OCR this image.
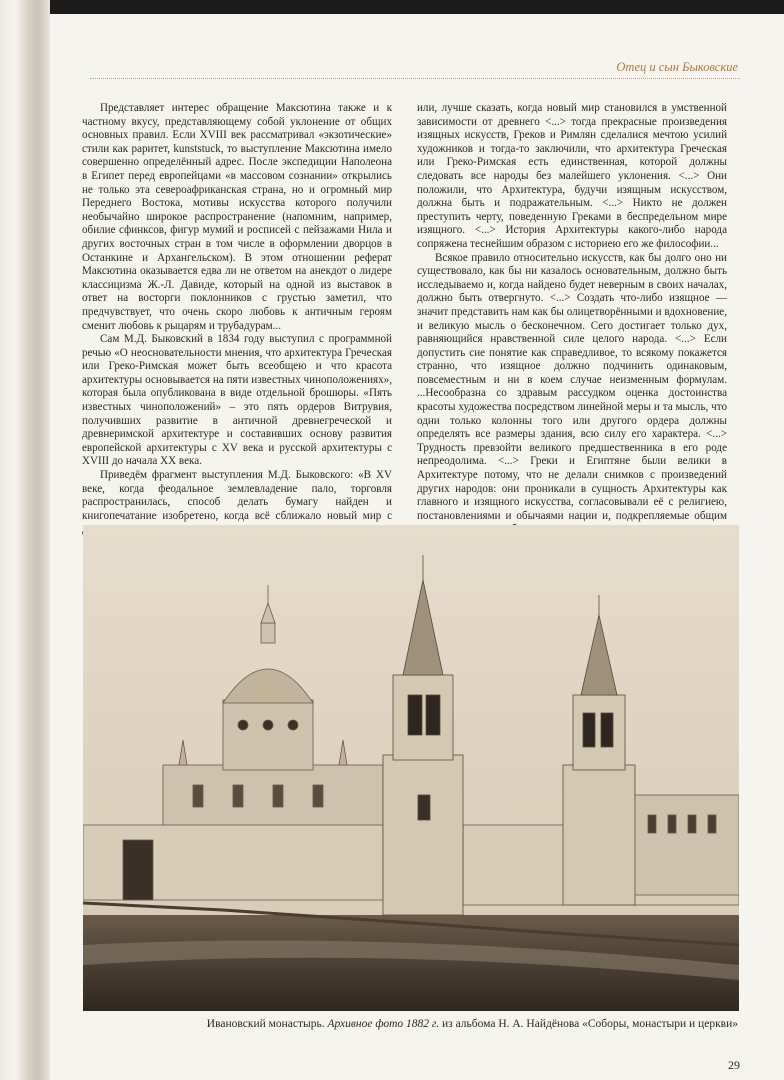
Отец и сын Быковские

Представляет интерес обращение Макcютина также и к частному вкусу, представляющему собой уклонение от общих основных правил. Если XVIII век рассматривал «экзотические» стили как раритет, kunststuck, то выступление Максютина имело совершенно определённый адрес. После экспедиции Наполеона в Египет перед европейцами «в массовом сознании» открылись не только эта североафриканская страна, но и огромный мир Переднего Востока, мотивы искусства которого получили необычайно широкое распространение (напомним, например, обилие сфинксов, фигур мумий и росписей с пейзажами Нила и других восточных стран в том числе в оформлении дворцов в Останкине и Архангельском). В этом отношении реферат Максютина оказывается едва ли не ответом на анекдот о лидере классицизма Ж.-Л. Давиде, который на одной из выставок в ответ на восторги поклонников с грустью заметил, что предчувствует, что очень скоро любовь к античным героям сменит любовь к рыцарям и трубадурам...

Сам М.Д. Быковский в 1834 году выступил с программной речью «О неосновательности мнения, что архитектура Греческая или Греко-Римская может быть всеобщею и что красота архитектуры основывается на пяти известных чиноположениях», которая была опубликована в виде отдельной брошюры. «Пять известных чиноположений» – это пять ордеров Витрувия, получивших развитие в античной древнегреческой и древнеримской архитектуре и составивших основу развития европейской архитектуры с XV века и русской архитектуры с XVIII до начала XX века.

Приведём фрагмент выступления М.Д. Быковского: «В XV веке, когда феодальное землевладение пало, торговля распространилась, способ делать бумагу найден и книгопечатание изобретено, когда всё сближало новый мир с

или, лучше сказать, когда новый мир становился в умственной зависимости от древнего <...> тогда прекрасные произведения изящных искусств, Греков и Римлян сделалися мечтою усилий художников и тогда-то заключили, что архитектура Греческая или Греко-Римская есть единственная, которой должны следовать все народы без малейшего уклонения. <...> Они положили, что Архитектура, будучи изящным искусством, должна быть и подражательным. <...> Никто не должен преступить черту, поведенную Греками в беспредельном мире изящного. <...> История Архитектуры какого-либо народа сопряжена теснейшим образом с историею его же философии...

Всякое правило относительно искусств, как бы долго оно ни существовало, как бы ни казалось основательным, должно быть исследываемо и, когда найдено будет неверным в своих началах, должно быть отвергнуто. <...> Создать что-либо изящное — значит представить нам как бы олицетворёнными и вдохновение, и великую мысль о бесконечном. Сего достигает только дух, равняющийся нравственной силе целого народа. <...> Если допустить сие понятие как справедливое, то всякому покажется странно, что изящное до́лжно подчинить одинаковым, повсеместным и ни в коем случае неизменным формулам. ...Несообразна со здравым рассудком оценка достоинства красоты художества посредством линейной меры и та мысль, что одни только колонны того или другого ордера должны определять все размеры здания, всю силу его характера. <...> Трудность превзойти великого предшественника в его роде непреодолима. <...> Греки и Египтяне были велики в Архитектуре потому, что не делали снимков с произведений других народов: они проникали в сущность Архитектуры как главного и изящного искусства, согласовывали её с религиею, постановлениями и обычаями нации и, подкрепляемые общим

Ивановский монастырь. Архивное фото 1882 г. из альбома Н. А. Найдёнова «Соборы, монастыри и церкви»
29
